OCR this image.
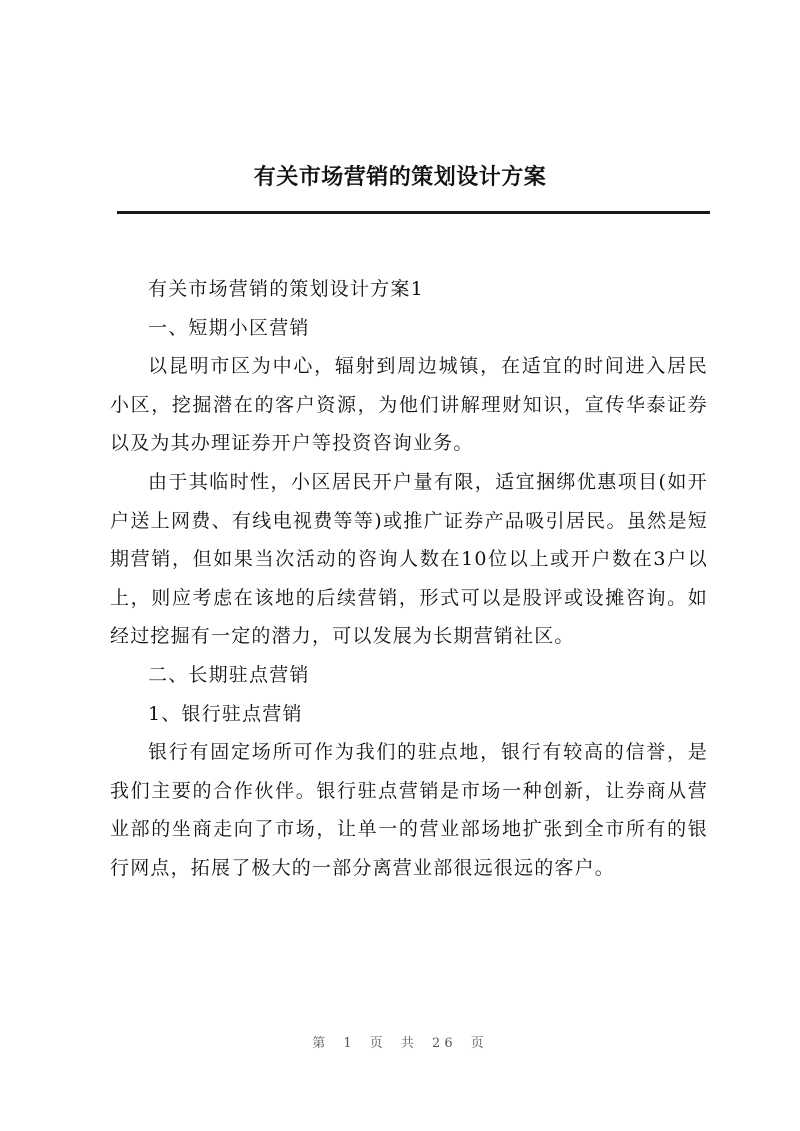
有关市场营销的策划设计方案

有关市场营销的策划设计方案1

一、短期小区营销

以昆明市区为中心，辐射到周边城镇，在适宜的时间进入居民小区，挖掘潜在的客户资源，为他们讲解理财知识，宣传华泰证券以及为其办理证券开户等投资咨询业务。

由于其临时性，小区居民开户量有限，适宜捆绑优惠项目(如开户送上网费、有线电视费等等)或推广证券产品吸引居民。虽然是短期营销，但如果当次活动的咨询人数在10位以上或开户数在3户以上，则应考虑在该地的后续营销，形式可以是股评或设摊咨询。如经过挖掘有一定的潜力，可以发展为长期营销社区。

二、长期驻点营销

1、银行驻点营销

银行有固定场所可作为我们的驻点地，银行有较高的信誉，是我们主要的合作伙伴。银行驻点营销是市场一种创新，让券商从营业部的坐商走向了市场，让单一的营业部场地扩张到全市所有的银行网点，拓展了极大的一部分离营业部很远很远的客户。

第 1 页 共 26 页
